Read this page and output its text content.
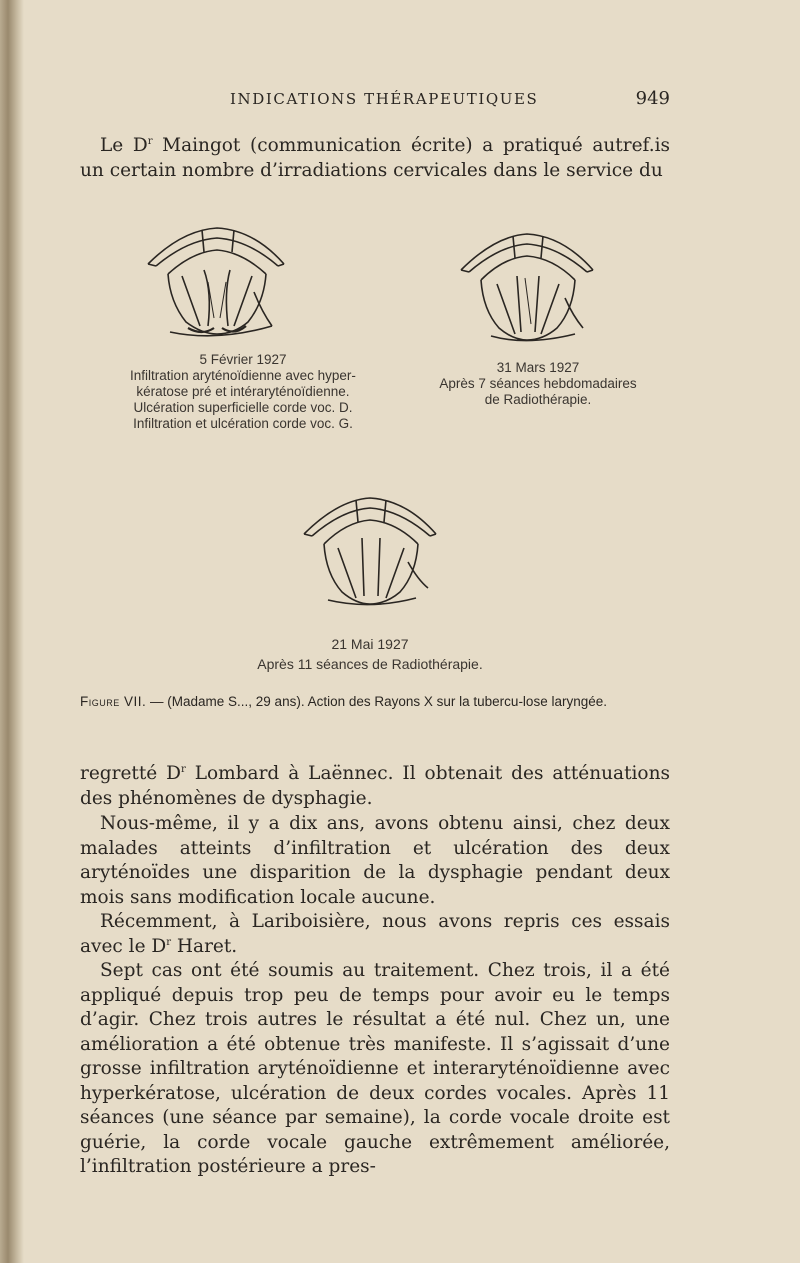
INDICATIONS THÉRAPEUTIQUES	949

Le $D^r$ Maingot (communication écrite) a pratiqué autref.is un certain nombre d’irradiations cervicales dans le service du

5 Février 1927
Infiltration aryténoïdienne avec hyper-
kératose pré et intéraryténoïdienne.
Ulcération superficielle corde voc. D.
Infiltration et ulcération corde voc. G.
31 Mars 1927
Après 7 séances hebdomadaires
de Radiothérapie.
21 Mai 1927
Après 11 séances de Radiothérapie.
Figure VII. — (Madame S..., 29 ans). Action des Rayons X sur la tubercu-lose laryngée.

regretté $D^r$ Lombard à Laënnec. Il obtenait des atténuations des phénomènes de dysphagie.

Nous-même, il y a dix ans, avons obtenu ainsi, chez deux malades atteints d’infiltration et ulcération des deux aryténoïdes une disparition de la dysphagie pendant deux mois sans modification locale aucune.

Récemment, à Lariboisière, nous avons repris ces essais avec le $D^r$ Haret.

Sept cas ont été soumis au traitement. Chez trois, il a été appliqué depuis trop peu de temps pour avoir eu le temps d’agir. Chez trois autres le résultat a été nul. Chez un, une amélioration a été obtenue très manifeste. Il s’agissait d’une grosse infiltration aryténoïdienne et interaryténoïdienne avec hyperkératose, ulcération de deux cordes vocales. Après 11 séances (une séance par semaine), la corde vocale droite est guérie, la corde vocale gauche extrêmement améliorée, l’infiltration postérieure a pres-
